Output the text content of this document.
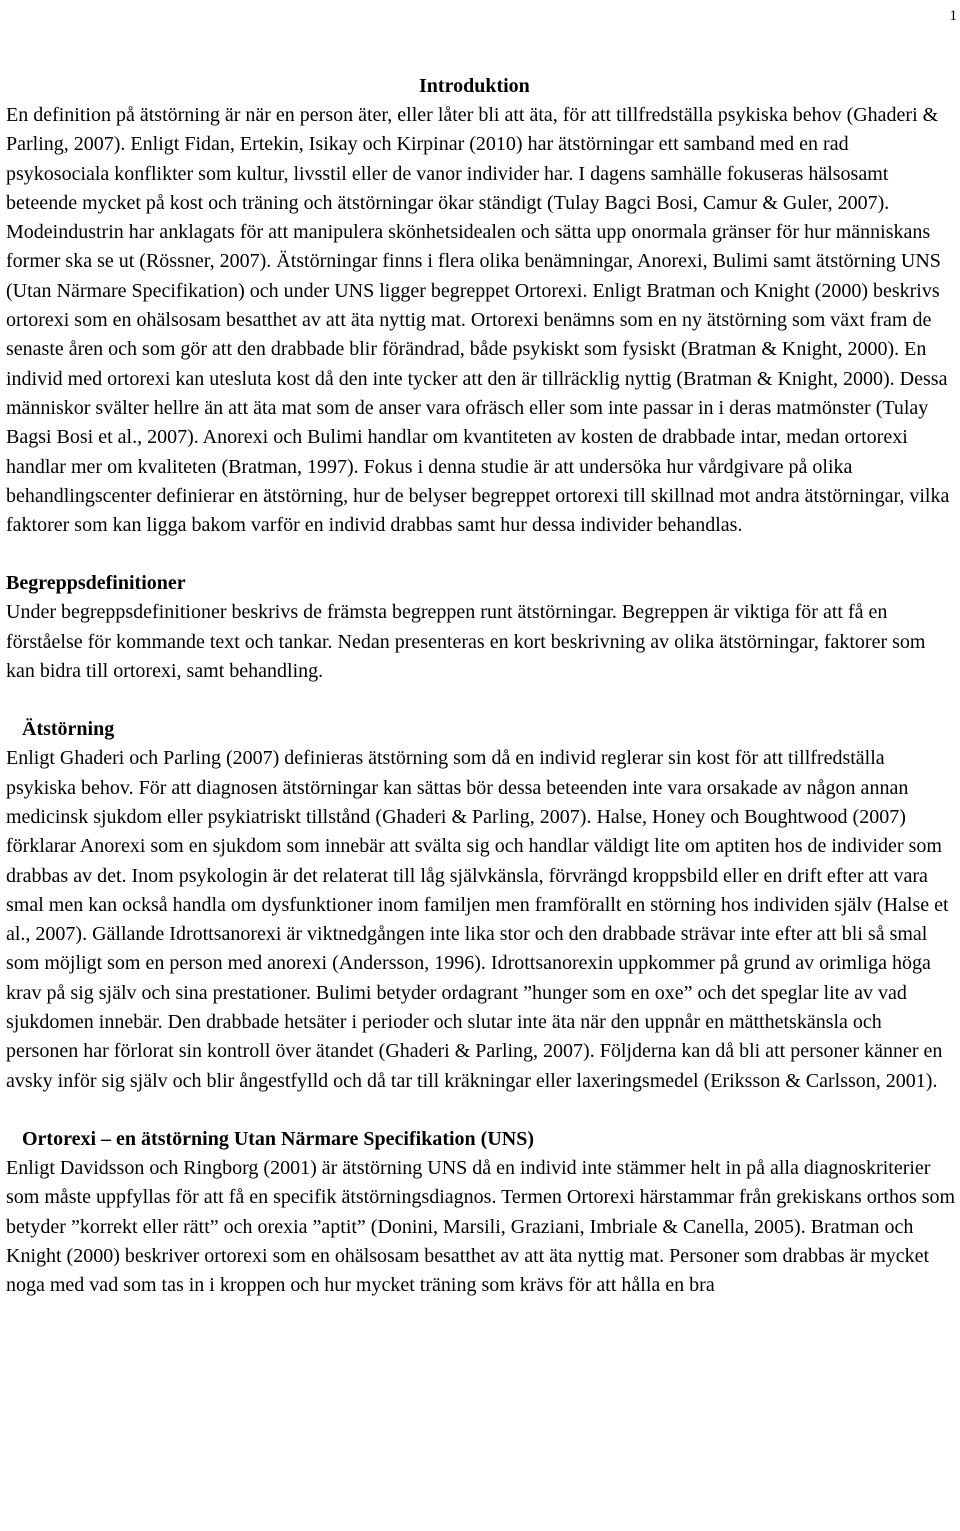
1
Introduktion

En definition på ätstörning är när en person äter, eller låter bli att äta, för att tillfredställa psykiska behov (Ghaderi & Parling, 2007). Enligt Fidan, Ertekin, Isikay och Kirpinar (2010) har ätstörningar ett samband med en rad psykosociala konflikter som kultur, livsstil eller de vanor individer har. I dagens samhälle fokuseras hälsosamt beteende mycket på kost och träning och ätstörningar ökar ständigt (Tulay Bagci Bosi, Camur & Guler, 2007). Modeindustrin har anklagats för att manipulera skönhetsidealen och sätta upp onormala gränser för hur människans former ska se ut (Rössner, 2007). Ätstörningar finns i flera olika benämningar, Anorexi, Bulimi samt ätstörning UNS (Utan Närmare Specifikation) och under UNS ligger begreppet Ortorexi. Enligt Bratman och Knight (2000) beskrivs ortorexi som en ohälsosam besatthet av att äta nyttig mat. Ortorexi benämns som en ny ätstörning som växt fram de senaste åren och som gör att den drabbade blir förändrad, både psykiskt som fysiskt (Bratman & Knight, 2000). En individ med ortorexi kan utesluta kost då den inte tycker att den är tillräcklig nyttig (Bratman & Knight, 2000). Dessa människor svälter hellre än att äta mat som de anser vara ofräsch eller som inte passar in i deras matmönster (Tulay Bagsi Bosi et al., 2007). Anorexi och Bulimi handlar om kvantiteten av kosten de drabbade intar, medan ortorexi handlar mer om kvaliteten (Bratman, 1997). Fokus i denna studie är att undersöka hur vårdgivare på olika behandlingscenter definierar en ätstörning, hur de belyser begreppet ortorexi till skillnad mot andra ätstörningar, vilka faktorer som kan ligga bakom varför en individ drabbas samt hur dessa individer behandlas.

Begreppsdefinitioner

Under begreppsdefinitioner beskrivs de främsta begreppen runt ätstörningar. Begreppen är viktiga för att få en förståelse för kommande text och tankar. Nedan presenteras en kort beskrivning av olika ätstörningar, faktorer som kan bidra till ortorexi, samt behandling.

Ätstörning

Enligt Ghaderi och Parling (2007) definieras ätstörning som då en individ reglerar sin kost för att tillfredställa psykiska behov. För att diagnosen ätstörningar kan sättas bör dessa beteenden inte vara orsakade av någon annan medicinsk sjukdom eller psykiatriskt tillstånd (Ghaderi & Parling, 2007). Halse, Honey och Boughtwood (2007) förklarar Anorexi som en sjukdom som innebär att svälta sig och handlar väldigt lite om aptiten hos de individer som drabbas av det. Inom psykologin är det relaterat till låg självkänsla, förvrängd kroppsbild eller en drift efter att vara smal men kan också handla om dysfunktioner inom familjen men framförallt en störning hos individen själv (Halse et al., 2007). Gällande Idrottsanorexi är viktnedgången inte lika stor och den drabbade strävar inte efter att bli så smal som möjligt som en person med anorexi (Andersson, 1996). Idrottsanorexin uppkommer på grund av orimliga höga krav på sig själv och sina prestationer. Bulimi betyder ordagrant ”hunger som en oxe” och det speglar lite av vad sjukdomen innebär. Den drabbade hetsäter i perioder och slutar inte äta när den uppnår en mätthetskänsla och personen har förlorat sin kontroll över ätandet (Ghaderi & Parling, 2007). Följderna kan då bli att personer känner en avsky inför sig själv och blir ångestfylld och då tar till kräkningar eller laxeringsmedel (Eriksson & Carlsson, 2001).

Ortorexi – en ätstörning Utan Närmare Specifikation (UNS)

Enligt Davidsson och Ringborg (2001) är ätstörning UNS då en individ inte stämmer helt in på alla diagnoskriterier som måste uppfyllas för att få en specifik ätstörningsdiagnos. Termen Ortorexi härstammar från grekiskans orthos som betyder ”korrekt eller rätt” och orexia ”aptit” (Donini, Marsili, Graziani, Imbriale & Canella, 2005). Bratman och Knight (2000) beskriver ortorexi som en ohälsosam besatthet av att äta nyttig mat. Personer som drabbas är mycket noga med vad som tas in i kroppen och hur mycket träning som krävs för att hålla en bra
